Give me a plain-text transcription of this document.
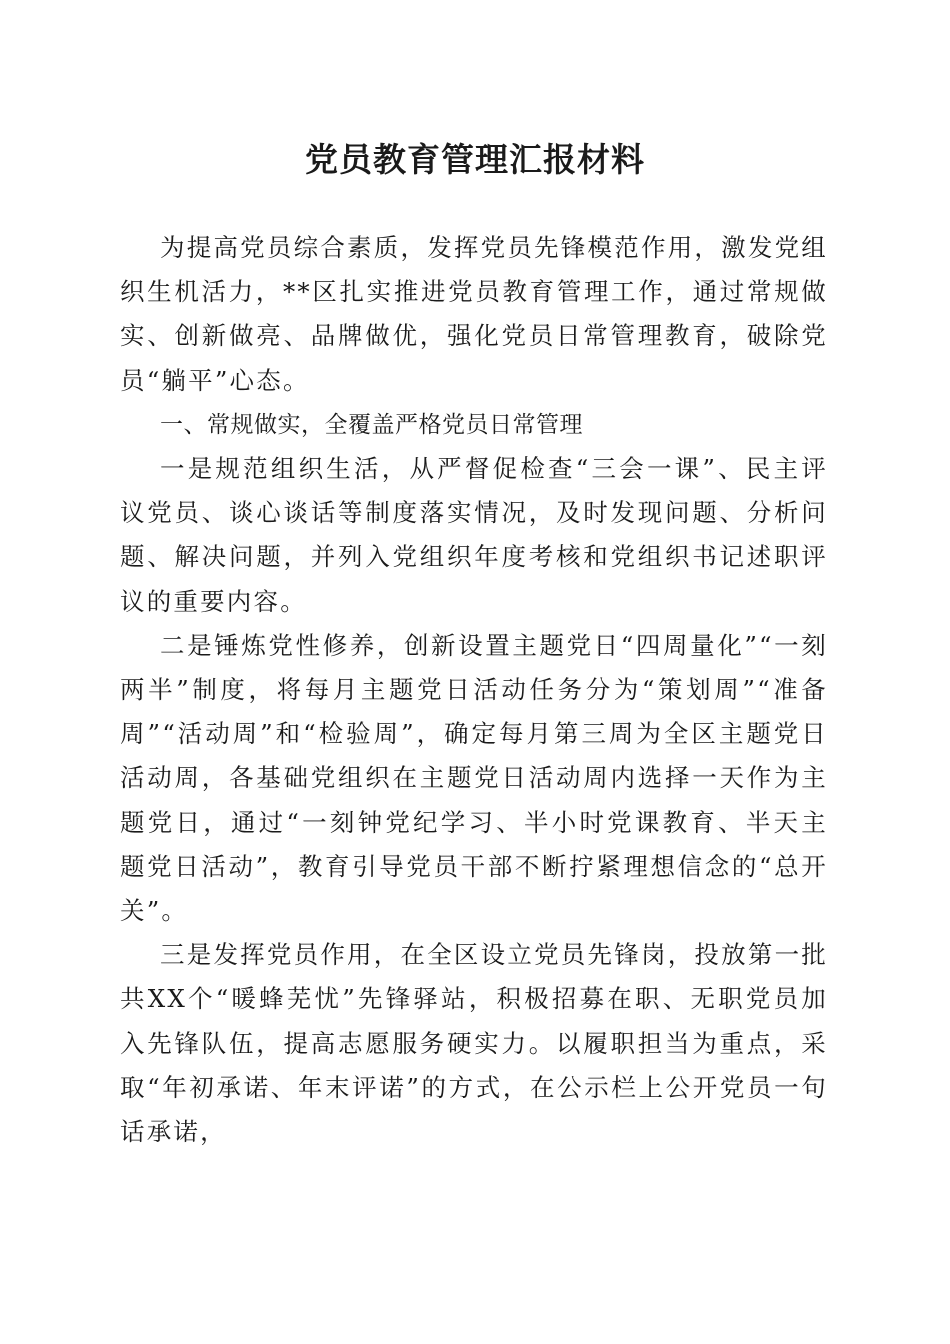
党员教育管理汇报材料

为提高党员综合素质，发挥党员先锋模范作用，激发党组织生机活力，**区扎实推进党员教育管理工作，通过常规做实、创新做亮、品牌做优，强化党员日常管理教育，破除党员“躺平”心态。

一、常规做实，全覆盖严格党员日常管理

一是规范组织生活，从严督促检查“三会一课”、民主评议党员、谈心谈话等制度落实情况，及时发现问题、分析问题、解决问题，并列入党组织年度考核和党组织书记述职评议的重要内容。

二是锤炼党性修养，创新设置主题党日“四周量化”“一刻两半”制度，将每月主题党日活动任务分为“策划周”“准备周”“活动周”和“检验周”，确定每月第三周为全区主题党日活动周，各基础党组织在主题党日活动周内选择一天作为主题党日，通过“一刻钟党纪学习、半小时党课教育、半天主题党日活动”，教育引导党员干部不断拧紧理想信念的“总开关”。

三是发挥党员作用，在全区设立党员先锋岗，投放第一批共XX个“暖蜂芜忧”先锋驿站，积极招募在职、无职党员加入先锋队伍，提高志愿服务硬实力。以履职担当为重点，采取“年初承诺、年末评诺”的方式，在公示栏上公开党员一句话承诺，
